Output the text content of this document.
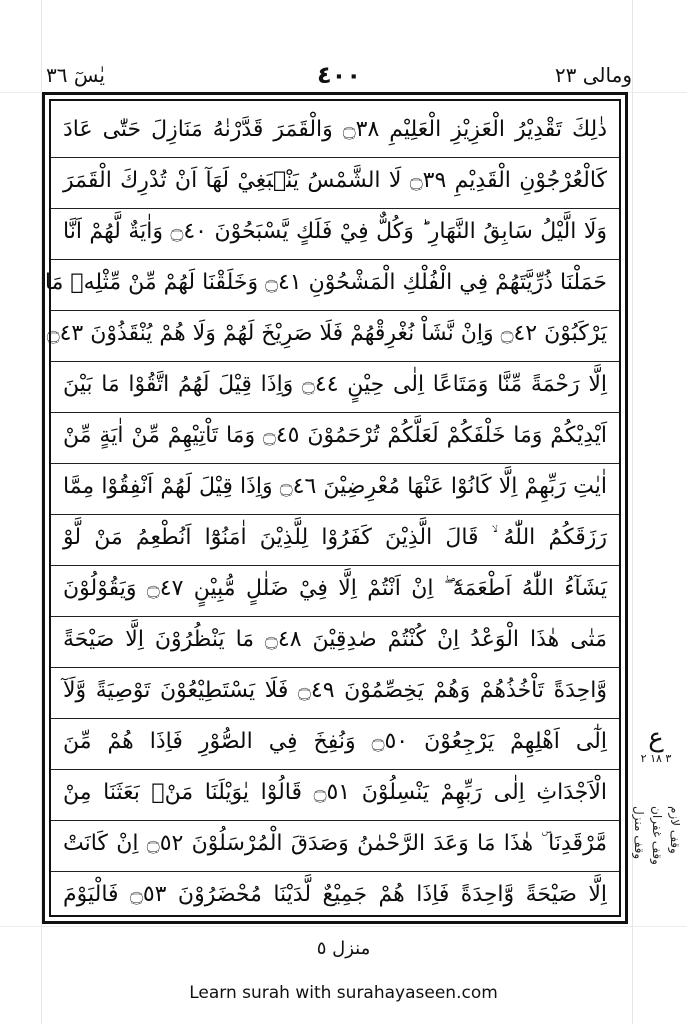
ومالی ٢٣
٤٠٠
يٰسٓ ٣٦
ذٰلِكَ تَقْدِيْرُ الْعَزِيْزِ الْعَلِيْمِ ۝٣٨ وَالْقَمَرَ قَدَّرْنٰهُ مَنَازِلَ حَتّٰى عَادَ
كَالْعُرْجُوْنِ الْقَدِيْمِ ۝٣٩ لَا الشَّمْسُ يَنْۢبَغِيْ لَهَآ اَنْ تُدْرِكَ الْقَمَرَ
وَلَا الَّيْلُ سَابِقُ النَّهَارِ ؕ وَكُلٌّ فِيْ فَلَكٍ يَّسْبَحُوْنَ ۝٤٠ وَاٰيَةٌ لَّهُمْ اَنَّا
حَمَلْنَا ذُرِّيَّتَهُمْ فِي الْفُلْكِ الْمَشْحُوْنِ ۝٤١ وَخَلَقْنَا لَهُمْ مِّنْ مِّثْلِهٖ مَا
يَرْكَبُوْنَ ۝٤٢ وَاِنْ نَّشَاْ نُغْرِقْهُمْ فَلَا صَرِيْخَ لَهُمْ وَلَا هُمْ يُنْقَذُوْنَ ۝٤٣
اِلَّا رَحْمَةً مِّنَّا وَمَتَاعًا اِلٰى حِيْنٍ ۝٤٤ وَاِذَا قِيْلَ لَهُمُ اتَّقُوْا مَا بَيْنَ
اَيْدِيْكُمْ وَمَا خَلْفَكُمْ لَعَلَّكُمْ تُرْحَمُوْنَ ۝٤٥ وَمَا تَاْتِيْهِمْ مِّنْ اٰيَةٍ مِّنْ
اٰيٰتِ رَبِّهِمْ اِلَّا كَانُوْا عَنْهَا مُعْرِضِيْنَ ۝٤٦ وَاِذَا قِيْلَ لَهُمْ اَنْفِقُوْا مِمَّا
رَزَقَكُمُ اللّٰهُ ۙ قَالَ الَّذِيْنَ كَفَرُوْا لِلَّذِيْنَ اٰمَنُوْٓا اَنُطْعِمُ مَنْ لَّوْ
يَشَآءُ اللّٰهُ اَطْعَمَهٗٓ ۖ اِنْ اَنْتُمْ اِلَّا فِيْ ضَلٰلٍ مُّبِيْنٍ ۝٤٧ وَيَقُوْلُوْنَ
مَتٰى هٰذَا الْوَعْدُ اِنْ كُنْتُمْ صٰدِقِيْنَ ۝٤٨ مَا يَنْظُرُوْنَ اِلَّا صَيْحَةً
وَّاحِدَةً تَاْخُذُهُمْ وَهُمْ يَخِصِّمُوْنَ ۝٤٩ فَلَا يَسْتَطِيْعُوْنَ تَوْصِيَةً وَّلَآ
اِلٰٓى اَهْلِهِمْ يَرْجِعُوْنَ ۝٥٠ وَنُفِخَ فِي الصُّوْرِ فَاِذَا هُمْ مِّنَ
الْاَجْدَاثِ اِلٰى رَبِّهِمْ يَنْسِلُوْنَ ۝٥١ قَالُوْا يٰوَيْلَنَا مَنْۢ بَعَثَنَا مِنْ
مَّرْقَدِنَا ۜ هٰذَا مَا وَعَدَ الرَّحْمٰنُ وَصَدَقَ الْمُرْسَلُوْنَ ۝٥٢ اِنْ كَانَتْ
اِلَّا صَيْحَةً وَّاحِدَةً فَاِذَا هُمْ جَمِيْعٌ لَّدَيْنَا مُحْضَرُوْنَ ۝٥٣ فَالْيَوْمَ
ع
٣ ١٨ ٢
وقف لازم
وقف غفران
وقف منزل
منزل ٥
Learn surah with surahayaseen.com
